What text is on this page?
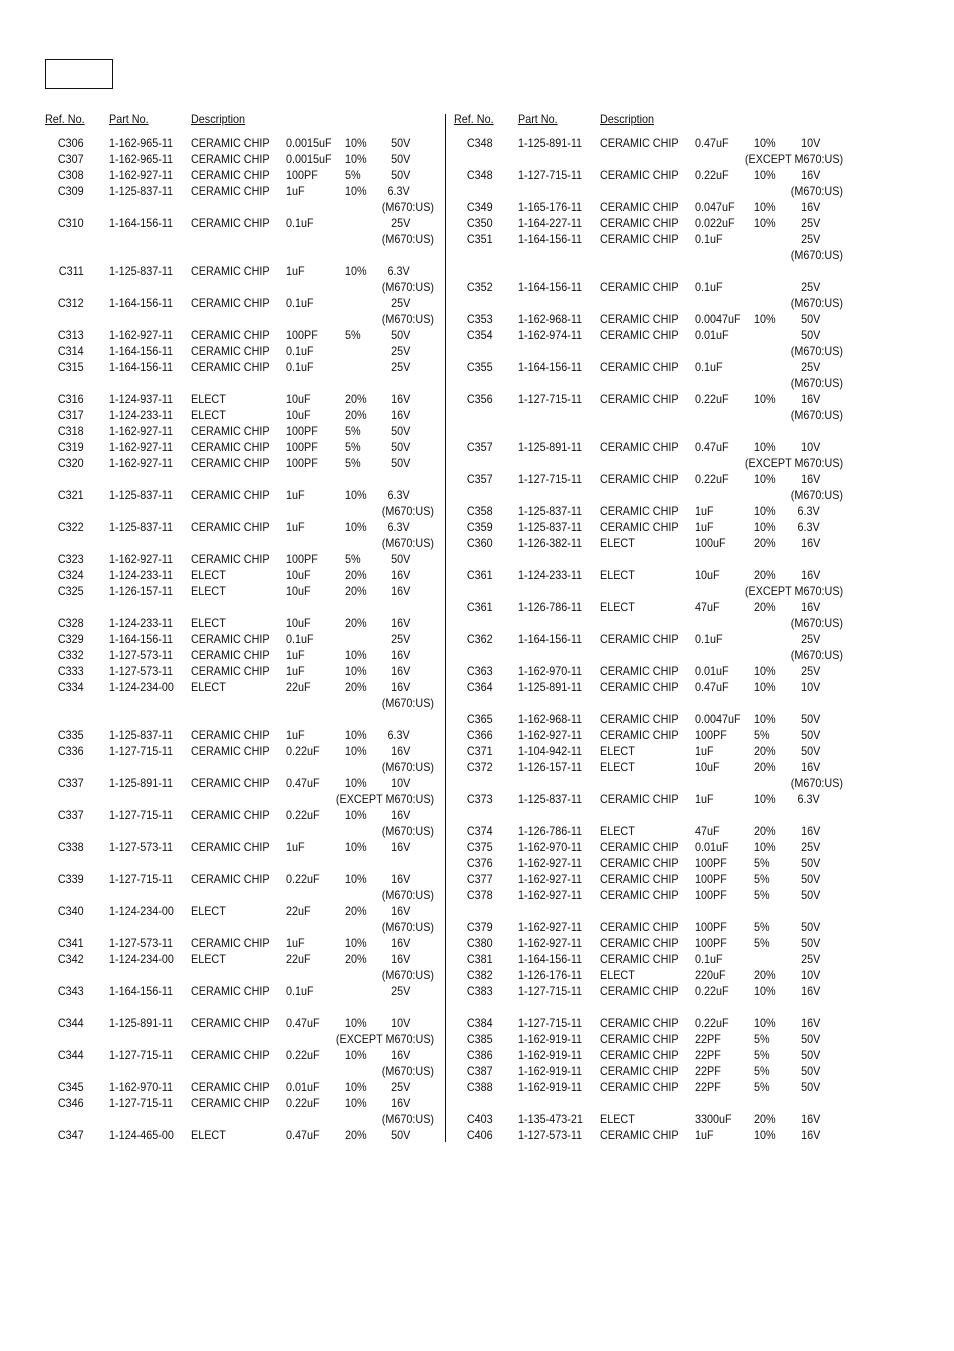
Ref. No. Part No.	Description
C306 1-162-965-11 CERAMIC CHIP 0.0015uF 10% 50V
C307 1-162-965-11 CERAMIC CHIP 0.0015uF 10% 50V
C308 1-162-927-11 CERAMIC CHIP 100PF 5%	50V
C309 1-125-837-11 CERAMIC CHIP 1uF	10% 6.3V
(M670:US)
C310 1-164-156-11 CERAMIC CHIP 0.1uF	25V
(M670:US)
C311 1-125-837-11 CERAMIC CHIP 1uF	10% 6.3V
(M670:US)
C312 1-164-156-11 CERAMIC CHIP 0.1uF	25V
(M670:US)
C313 1-162-927-11 CERAMIC CHIP 100PF 5%	50V
C314 1-164-156-11 CERAMIC CHIP 0.1uF	25V
C315 1-164-156-11 CERAMIC CHIP 0.1uF	25V
C316 1-124-937-11 ELECT	10uF	20% 16V
C317 1-124-233-11 ELECT	10uF	20% 16V
C318 1-162-927-11 CERAMIC CHIP 100PF 5%	50V
C319 1-162-927-11 CERAMIC CHIP 100PF 5%	50V
C320 1-162-927-11 CERAMIC CHIP 100PF 5%	50V
C321 1-125-837-11 CERAMIC CHIP 1uF	10% 6.3V
(M670:US)
C322 1-125-837-11 CERAMIC CHIP 1uF	10% 6.3V
(M670:US)
C323 1-162-927-11 CERAMIC CHIP 100PF 5%	50V
C324 1-124-233-11 ELECT	10uF	20% 16V
C325 1-126-157-11 ELECT	10uF	20% 16V
C328 1-124-233-11 ELECT	10uF	20% 16V
C329 1-164-156-11 CERAMIC CHIP 0.1uF	25V
C332 1-127-573-11 CERAMIC CHIP 1uF	10% 16V
C333 1-127-573-11 CERAMIC CHIP 1uF	10% 16V
C334 1-124-234-00 ELECT	22uF	20% 16V
(M670:US)
C335 1-125-837-11 CERAMIC CHIP 1uF	10% 6.3V
C336 1-127-715-11 CERAMIC CHIP 0.22uF 10% 16V
(M670:US)
C337 1-125-891-11 CERAMIC CHIP 0.47uF 10% 10V
(EXCEPT M670:US)
C337 1-127-715-11 CERAMIC CHIP 0.22uF 10% 16V
(M670:US)
C338 1-127-573-11 CERAMIC CHIP 1uF	10% 16V
C339 1-127-715-11 CERAMIC CHIP 0.22uF 10% 16V
(M670:US)
C340 1-124-234-00 ELECT	22uF	20% 16V
(M670:US)
C341 1-127-573-11 CERAMIC CHIP 1uF	10% 16V
C342 1-124-234-00 ELECT	22uF	20% 16V
(M670:US)
C343 1-164-156-11 CERAMIC CHIP 0.1uF	25V
C344 1-125-891-11 CERAMIC CHIP 0.47uF 10% 10V
(EXCEPT M670:US)
C344 1-127-715-11 CERAMIC CHIP 0.22uF 10% 16V
(M670:US)
C345 1-162-970-11 CERAMIC CHIP 0.01uF 10% 25V
C346 1-127-715-11 CERAMIC CHIP 0.22uF 10% 16V
(M670:US)
C347 1-124-465-00 ELECT	0.47uF 20% 50V
Ref. No. Part No.	Description
C348 1-125-891-11 CERAMIC CHIP 0.47uF 10% 10V
(EXCEPT M670:US)
C348 1-127-715-11 CERAMIC CHIP 0.22uF 10% 16V
(M670:US)
C349 1-165-176-11 CERAMIC CHIP 0.047uF 10% 16V
C350 1-164-227-11 CERAMIC CHIP 0.022uF 10% 25V
C351 1-164-156-11 CERAMIC CHIP 0.1uF	25V
(M670:US)
C352 1-164-156-11 CERAMIC CHIP 0.1uF	25V
(M670:US)
C353 1-162-968-11 CERAMIC CHIP 0.0047uF 10% 50V
C354 1-162-974-11 CERAMIC CHIP 0.01uF	50V
(M670:US)
C355 1-164-156-11 CERAMIC CHIP 0.1uF	25V
(M670:US)
C356 1-127-715-11 CERAMIC CHIP 0.22uF 10% 16V
(M670:US)
C357 1-125-891-11 CERAMIC CHIP 0.47uF 10% 10V
(EXCEPT M670:US)
C357 1-127-715-11 CERAMIC CHIP 0.22uF 10% 16V
(M670:US)
C358 1-125-837-11 CERAMIC CHIP 1uF	10% 6.3V
C359 1-125-837-11 CERAMIC CHIP 1uF	10% 6.3V
C360 1-126-382-11 ELECT	100uF 20% 16V
C361 1-124-233-11 ELECT	10uF	20% 16V
(EXCEPT M670:US)
C361 1-126-786-11 ELECT	47uF	20% 16V
(M670:US)
C362 1-164-156-11 CERAMIC CHIP 0.1uF	25V
(M670:US)
C363 1-162-970-11 CERAMIC CHIP 0.01uF 10% 25V
C364 1-125-891-11 CERAMIC CHIP 0.47uF 10% 10V
C365 1-162-968-11 CERAMIC CHIP 0.0047uF 10% 50V
C366 1-162-927-11 CERAMIC CHIP 100PF 5%	50V
C371 1-104-942-11 ELECT	1uF	20% 50V
C372 1-126-157-11 ELECT	10uF	20% 16V
(M670:US)
C373 1-125-837-11 CERAMIC CHIP 1uF	10% 6.3V
C374 1-126-786-11 ELECT	47uF	20% 16V
C375 1-162-970-11 CERAMIC CHIP 0.01uF 10% 25V
C376 1-162-927-11 CERAMIC CHIP 100PF 5%	50V
C377 1-162-927-11 CERAMIC CHIP 100PF 5%	50V
C378 1-162-927-11 CERAMIC CHIP 100PF 5%	50V
C379 1-162-927-11 CERAMIC CHIP 100PF 5%	50V
C380 1-162-927-11 CERAMIC CHIP 100PF 5%	50V
C381 1-164-156-11 CERAMIC CHIP 0.1uF	25V
C382 1-126-176-11 ELECT	220uF 20% 10V
C383 1-127-715-11 CERAMIC CHIP 0.22uF 10% 16V
C384 1-127-715-11 CERAMIC CHIP 0.22uF 10% 16V
C385 1-162-919-11 CERAMIC CHIP 22PF	5%	50V
C386 1-162-919-11 CERAMIC CHIP 22PF	5%	50V
C387 1-162-919-11 CERAMIC CHIP 22PF	5%	50V
C388 1-162-919-11 CERAMIC CHIP 22PF	5%	50V
C403 1-135-473-21 ELECT	3300uF 20% 16V
C406 1-127-573-11 CERAMIC CHIP 1uF	10% 16V
